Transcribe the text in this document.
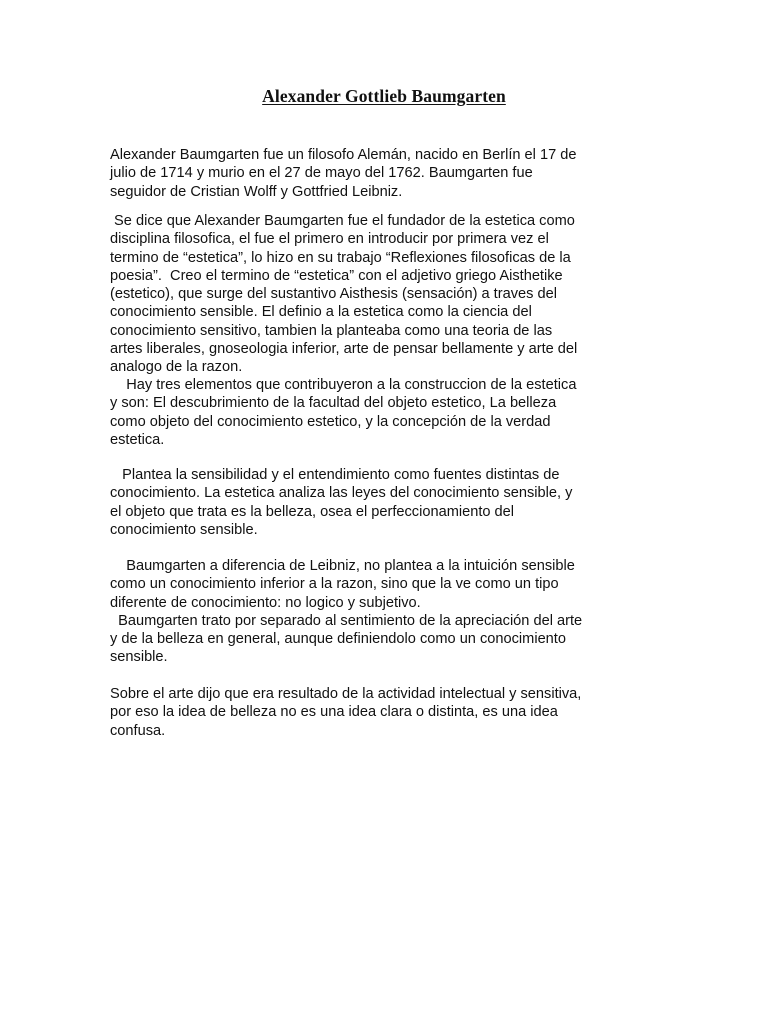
Alexander Gottlieb Baumgarten
Alexander Baumgarten fue un filosofo Alemán, nacido en Berlín el 17 de
julio de 1714 y murio en el 27 de mayo del 1762. Baumgarten fue
seguidor de Cristian Wolff y Gottfried Leibniz.
Se dice que Alexander Baumgarten fue el fundador de la estetica como
disciplina filosofica, el fue el primero en introducir por primera vez el
termino de “estetica”, lo hizo en su trabajo “Reflexiones filosoficas de la
poesia”.  Creo el termino de “estetica” con el adjetivo griego Aisthetike
(estetico), que surge del sustantivo Aisthesis (sensación) a traves del
conocimiento sensible. El definio a la estetica como la ciencia del
conocimiento sensitivo, tambien la planteaba como una teoria de las
artes liberales, gnoseologia inferior, arte de pensar bellamente y arte del
analogo de la razon.
Hay tres elementos que contribuyeron a la construccion de la estetica
y son: El descubrimiento de la facultad del objeto estetico, La belleza
como objeto del conocimiento estetico, y la concepción de la verdad
estetica.
Plantea la sensibilidad y el entendimiento como fuentes distintas de
conocimiento. La estetica analiza las leyes del conocimiento sensible, y
el objeto que trata es la belleza, osea el perfeccionamiento del
conocimiento sensible.
Baumgarten a diferencia de Leibniz, no plantea a la intuición sensible
como un conocimiento inferior a la razon, sino que la ve como un tipo
diferente de conocimiento: no logico y subjetivo.
Baumgarten trato por separado al sentimiento de la apreciación del arte
y de la belleza en general, aunque definiendolo como un conocimiento
sensible.
Sobre el arte dijo que era resultado de la actividad intelectual y sensitiva,
por eso la idea de belleza no es una idea clara o distinta, es una idea
confusa.
